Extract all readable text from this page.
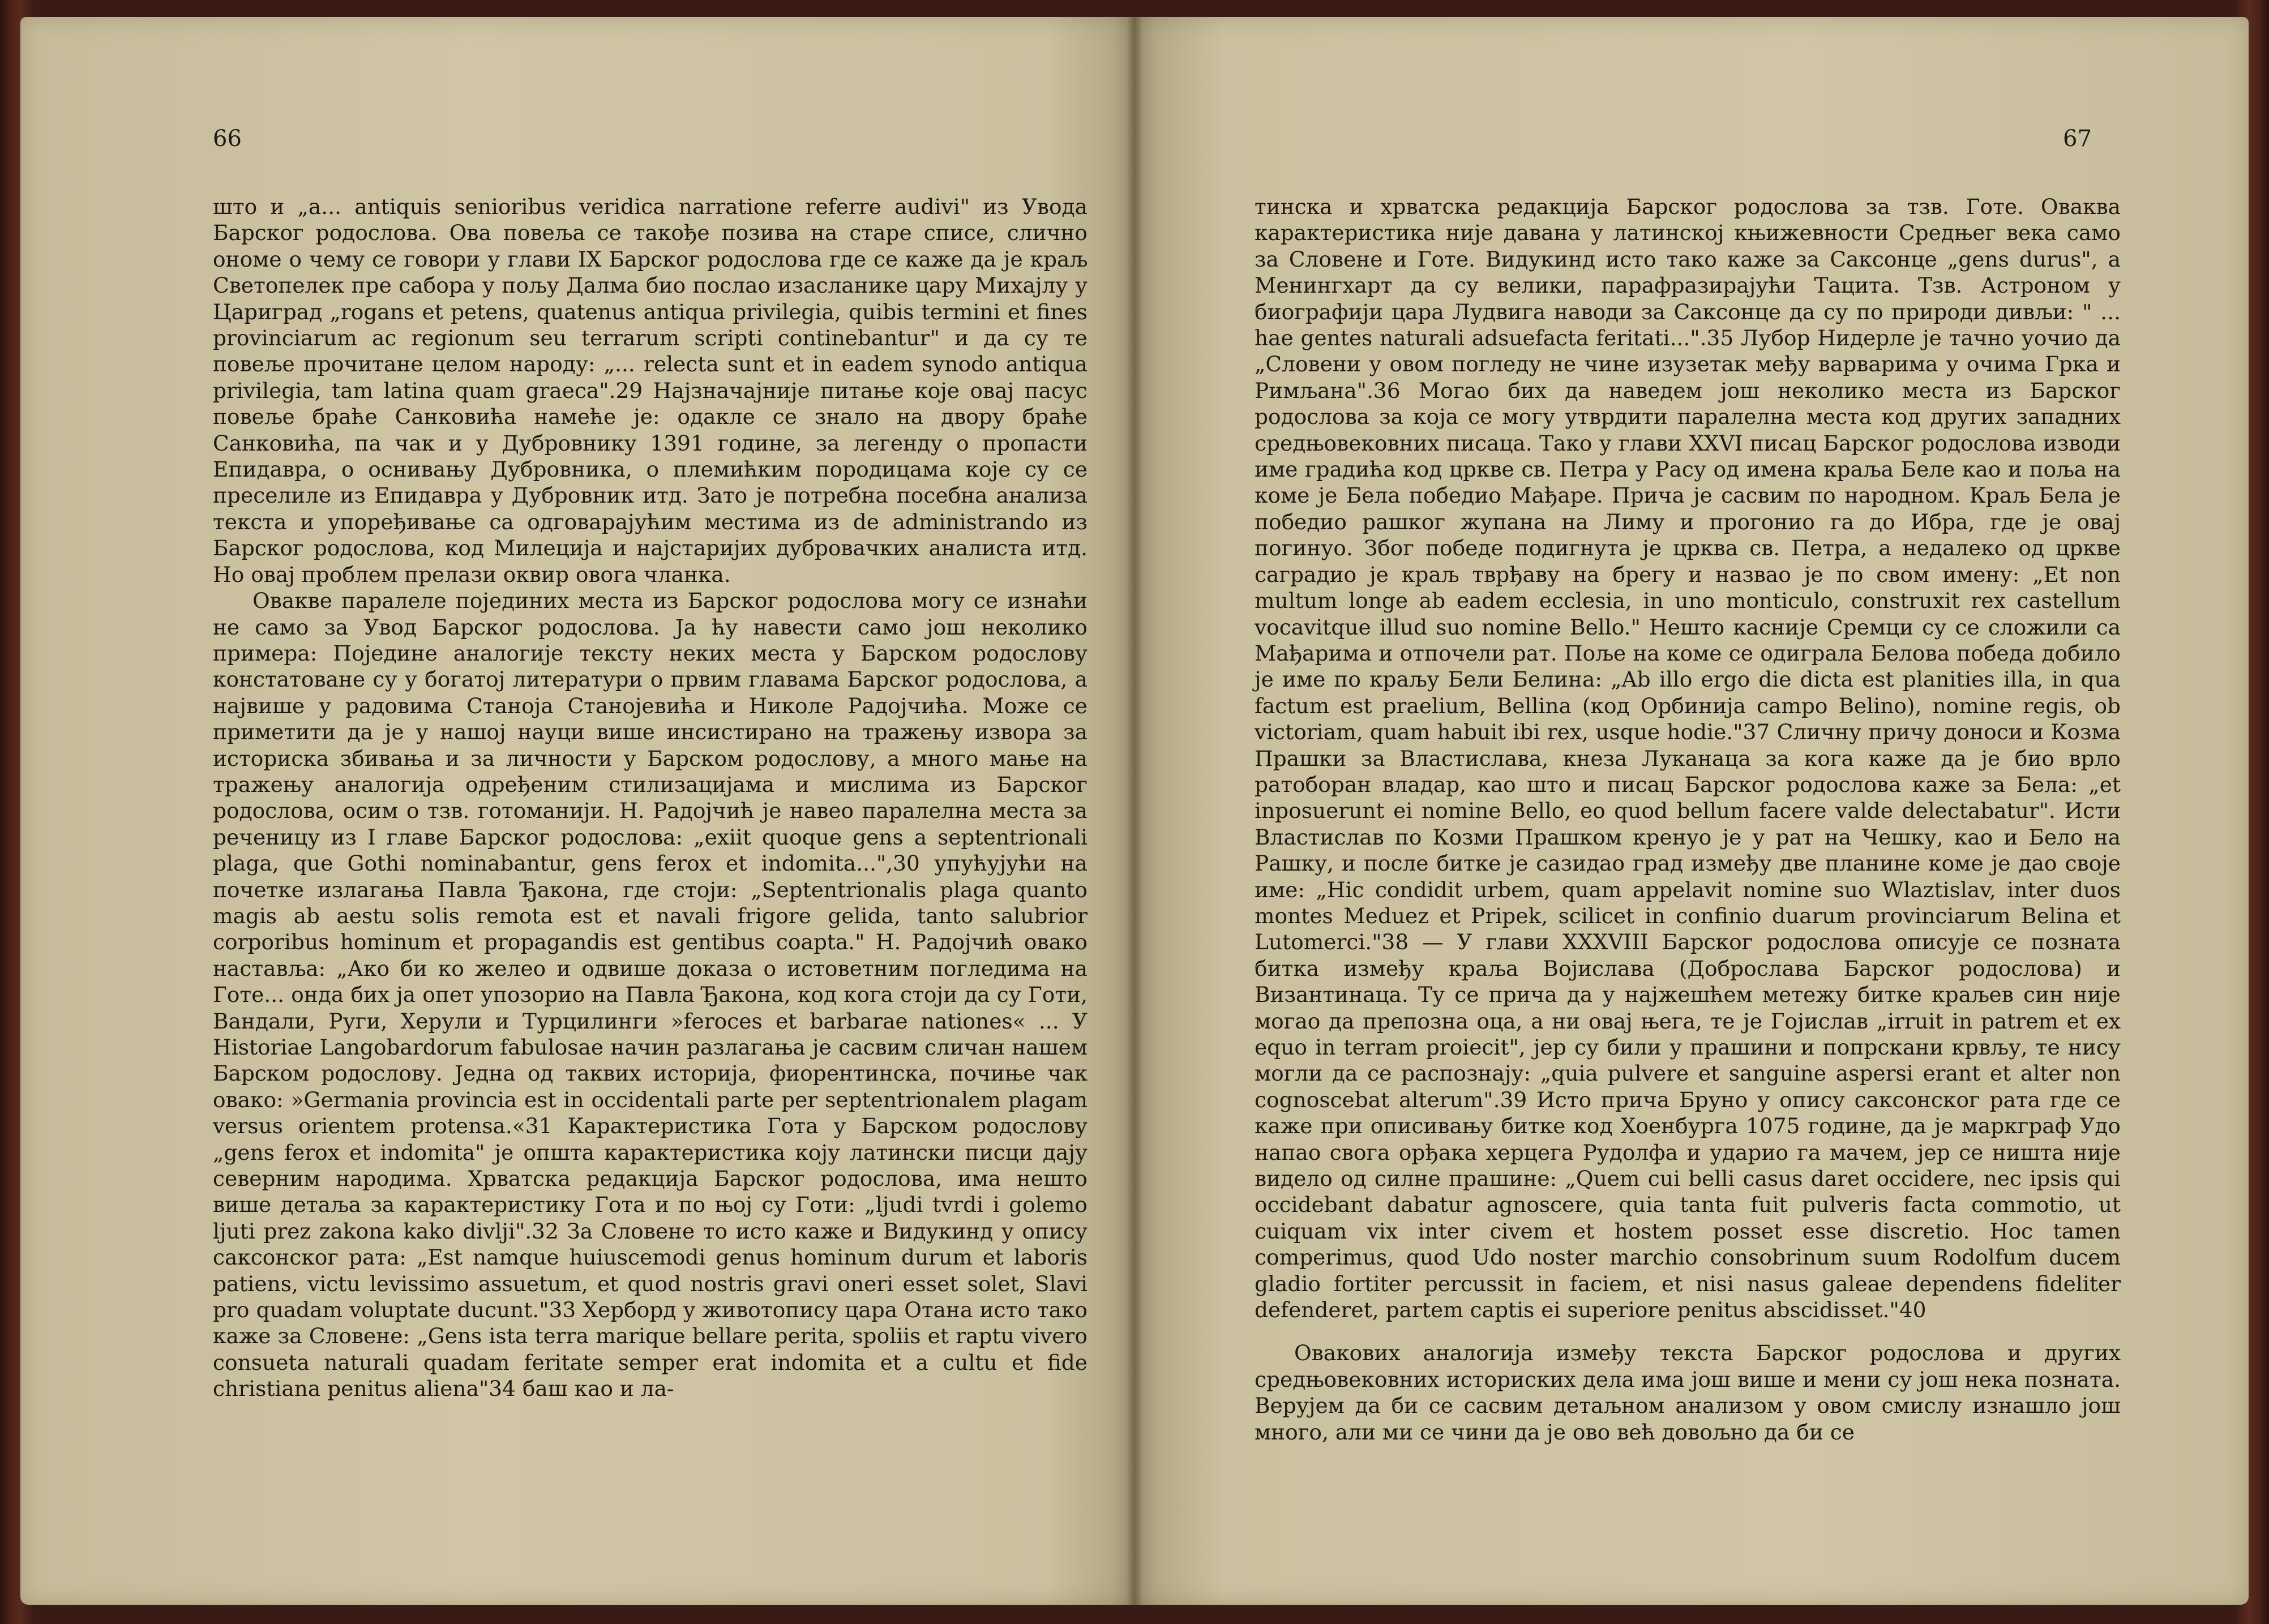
66

што и „а... antiquis senioribus veridica narratione referre audivi" из Увода Барског родослова. Ова повеља се такође позива на старе списе, слично ономе о чему се говори у глави IX Барског родослова где се каже да је краљ Светопелек пре сабора у пољу Далма био послао изасланике цару Михајлу у Цариград „rogans et petens, quatenus antiqua privilegia, quibis termini et fines provinciarum ac regionum seu terrarum scripti continebantur" и да су те повеље прочитане целом народу: „... relecta sunt et in eadem synodo antiqua privilegia, tam latina quam graeca".29 Најзначајније питање које овај пасус повеље браће Санковића намеће је: одакле се знало на двору браће Санковића, па чак и у Дубровнику 1391 године, за легенду о пропасти Епидавра, о оснивању Дубровника, о племићким породицама које су се преселиле из Епидавра у Дубровник итд. Зато је потребна посебна анализа текста и упоређивање са одговарајућим местима из de administrando из Барског родослова, код Милецијa и најстаријих дубровачких аналиста итд. Но овај проблем прелази оквир овога чланка.

Овакве паралеле појединих места из Барског родослова могу се изнаћи не само за Увод Барског родослова. Ја ћу навести само још неколико примера: Поједине аналогије тексту неких места у Барском родослову констатоване су у богатој литератури о првим главама Барског родослова, а највише у радовима Станоја Станојевића и Николе Радојчића. Може се приметити да је у нашој науци више инсистирано на тражењу извора за историска збивања и за личности у Барском родослову, а много мање на тражењу аналогија одређеним стилизацијама и мислима из Барског родослова, осим о тзв. готоманији. Н. Радојчић је навео паралелна места за реченицу из I главе Барског родослова: „exiit quoque gens a septentrionali plaga, que Gothi nominabantur, gens ferox et indomita...",30 упућујући на почетке излагања Павла Ђакона, где стоји: „Septentrionalis plaga quanto magis ab aestu solis remota est et navali frigore gelida, tanto salubrior corporibus hominum et propagandis est gentibus coapta." Н. Радојчић овако наставља: „Ако би ко желео и одвише доказа о истоветним погледима на Готе... онда бих ја опет упозорио на Павла Ђакона, код кога стоји да су Готи, Вандали, Руги, Херули и Турцилинги »feroces et barbarae nationes« ... У Historiae Langobardorum fabulosae начин разлагања је сасвим сличан нашем Барском родослову. Једна од таквих историја, фиорентинска, почиње чак овако: »Germania provincia est in occidentali parte per septentrionalem plagam versus orientem protensa.«31 Карактеристика Гота у Барском родослову „gens ferox et indomita" је општа карактеристика коју латински писци дају северним народима. Хрватска редакција Барског родослова, има нешто више детаља за карактеристику Гота и по њој су Готи: „ljudi tvrdi i golemo ljuti prez zakona kako divlji".32 За Словене то исто каже и Видукинд у опису саксонског рата: „Est namque huiuscemodi genus hominum durum et laboris patiens, victu levissimo assuetum, et quod nostris gravi oneri esset solet, Slavi pro quadam voluptate ducunt."33 Херборд у животопису цара Отана исто тако каже за Словене: „Gens ista terra marique bellare perita, spoliis et raptu vivero consueta naturali quadam feritate semper erat indomita et a cultu et fide christiana penitus aliena"34 баш као и ла-

67

тинска и хрватска редакција Барског родослова за тзв. Готе. Оваква карактеристика није давана у латинској књижевности Средњег века само за Словене и Готе. Видукинд исто тако каже за Саксонце „gens durus", а Менингхарт да су велики, парафразирајући Тацита. Тзв. Астроном у биографији цара Лудвига наводи за Саксонце да су по природи дивљи: " ... hae gentes naturali adsuefacta feritati...".35 Лубор Нидерле је тачно уочио да „Словени у овом погледу не чине изузетак међу варварима у очима Грка и Римљана".36 Могао бих да наведем још неколико места из Барског родослова за која се могу утврдити паралелна места код других западних средњовековних писаца. Тако у глави XXVI писац Барског родослова изводи име градића код цркве св. Петра у Расу од имена краља Беле као и поља на коме је Бела победио Мађаре. Прича је сасвим по народном. Краљ Бела је победио рашког жупана на Лиму и прогонио га до Ибра, где је овај погинуо. Због победе подигнута је црква св. Петра, а недалеко од цркве саградио је краљ тврђаву на брегу и назвао је по свом имену: „Et non multum longe ab eadem ecclesia, in uno monticulo, construxit rex castellum vocavitque illud suo nomine Bello." Нешто касније Сремци су се сложили са Мађарима и отпочели рат. Поље на коме се одиграла Белова победа добило је име по краљу Бели Белина: „Ab illo ergo die dicta est planities illa, in qua factum est praelium, Bellina (код Орбинија campo Belino), nomine regis, ob victoriam, quam habuit ibi rex, usque hodie."37 Сличну причу доноси и Козма Прашки за Властислава, кнеза Луканаца за кога каже да је био врло ратоборан владар, као што и писац Барског родослова каже за Бела: „et inposuerunt ei nomine Bello, eo quod bellum facere valde delectabatur". Исти Властислав по Козми Прашком кренуо је у рат на Чешку, као и Бело на Рашку, и после битке је сазидао град између две планине коме је дао своје име: „Hic condidit urbem, quam appelavit nomine suo Wlaztislav, inter duos montes Meduez et Pripek, scilicet in confinio duarum provinciarum Belina et Lutomerci."38 — У глави XXXVIII Барског родослова описује се позната битка између краља Војислава (Доброслава Барског родослова) и Византинаца. Ту се прича да у најжешћем метежу битке краљев син није могао да препозна оца, а ни овај њега, те је Гојислав „irruit in patrem et ex equo in terram proiecit", јер су били у прашини и попрскани крвљу, те нису могли да се распознају: „quia pulvere et sanguine aspersi erant et alter non cognoscebat alterum".39 Исто прича Бруно у опису саксонског рата где се каже при описивању битке код Хоенбурга 1075 године, да је маркграф Удо напао свога орђака херцега Рудолфа и ударио га мачем, јер се ништа није видело од силне прашине: „Quem cui belli casus daret occidere, nec ipsis qui occidebant dabatur agnoscere, quia tanta fuit pulveris facta commotio, ut cuiquam vix inter civem et hostem posset esse discretio. Hoc tamen comperimus, quod Udo noster marchio consobrinum suum Rodolfum ducem gladio fortiter percussit in faciem, et nisi nasus galeae dependens fideliter defenderet, partem captis ei superiore penitus abscidisset."40

Овакових аналогија између текста Барског родослова и других средњовековних историских дела има још више и мени су још нека позната. Верујем да би се сасвим детаљном анализом у овом смислу изнашло још много, али ми се чини да је ово већ довољно да би се
